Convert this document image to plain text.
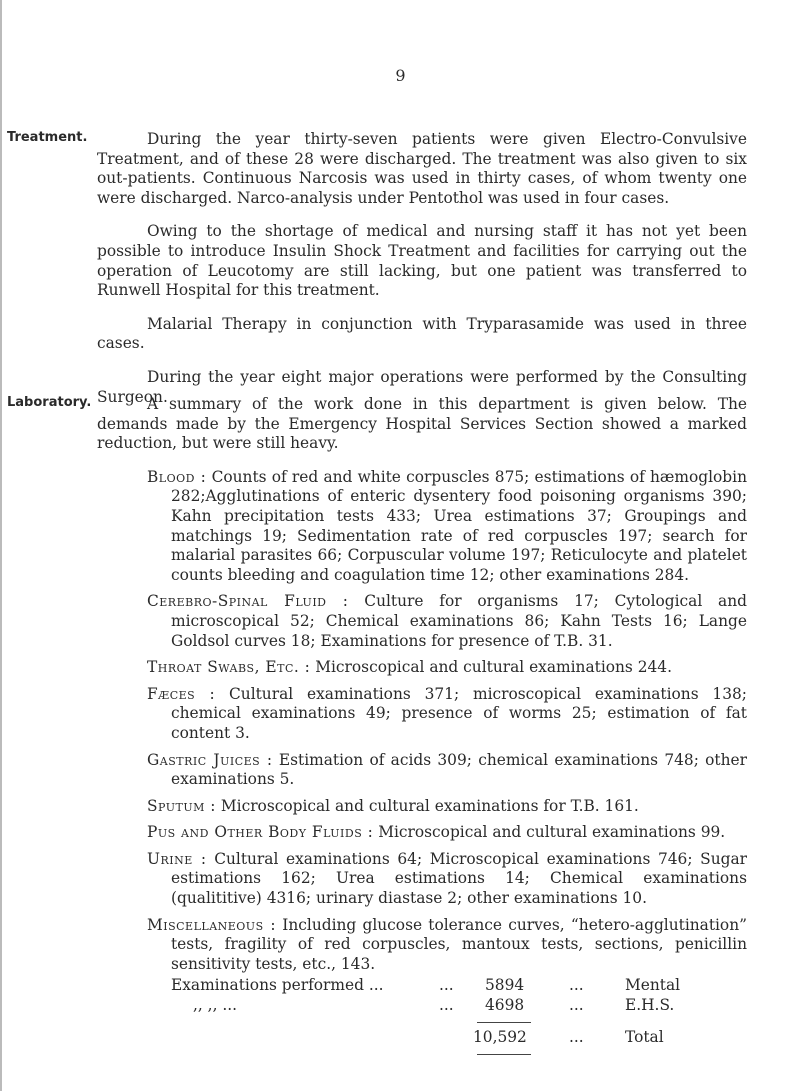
9
Treatment.
Laboratory.

During the year thirty-seven patients were given Electro-Convulsive Treatment, and of these 28 were discharged. The treatment was also given to six out-patients. Continuous Narcosis was used in thirty cases, of whom twenty one were discharged. Narco-analysis under Pentothol was used in four cases.

Owing to the shortage of medical and nursing staff it has not yet been possible to introduce Insulin Shock Treatment and facilities for carrying out the operation of Leucotomy are still lacking, but one patient was transferred to Runwell Hospital for this treatment.

Malarial Therapy in conjunction with Tryparasamide was used in three cases.

During the year eight major operations were performed by the Consulting Surgeon.

A summary of the work done in this department is given below. The demands made by the Emergency Hospital Services Section showed a marked reduction, but were still heavy.

Blood : Counts of red and white corpuscles 875; estimations of hæmoglobin 282;Agglutinations of enteric dysentery food poisoning organisms 390; Kahn precipitation tests 433; Urea estimations 37; Groupings and matchings 19; Sedimentation rate of red corpuscles 197; search for malarial parasites 66; Corpuscular volume 197; Reticulocyte and platelet counts bleeding and coagulation time 12; other examinations 284.

Cerebro-Spinal Fluid : Culture for organisms 17; Cytological and microscopical 52; Chemical examinations 86; Kahn Tests 16; Lange Goldsol curves 18; Examinations for presence of T.B. 31.

Throat Swabs, Etc. : Microscopical and cultural examinations 244.

Fæces : Cultural examinations 371; microscopical examinations 138; chemical examinations 49; presence of worms 25; estimation of fat content 3.

Gastric Juices : Estimation of acids 309; chemical examinations 748; other examinations 5.

Sputum : Microscopical and cultural examinations for T.B. 161.

Pus and Other Body Fluids : Microscopical and cultural examinations 99.

Urine : Cultural examinations 64; Microscopical examinations 746; Sugar estimations 162; Urea estimations 14; Chemical examinations (qualititive) 4316; urinary diastase 2; other examinations 10.

Miscellaneous : Including glucose tolerance curves, “hetero-agglutination” tests, fragility of red corpuscles, mantoux tests, sections, penicillin sensitivity tests, etc., 143.

Examinations performed ...	... 5894	...	Mental
,, ,, ...	... 4698	...	E.H.S.
10,592	...	Total
